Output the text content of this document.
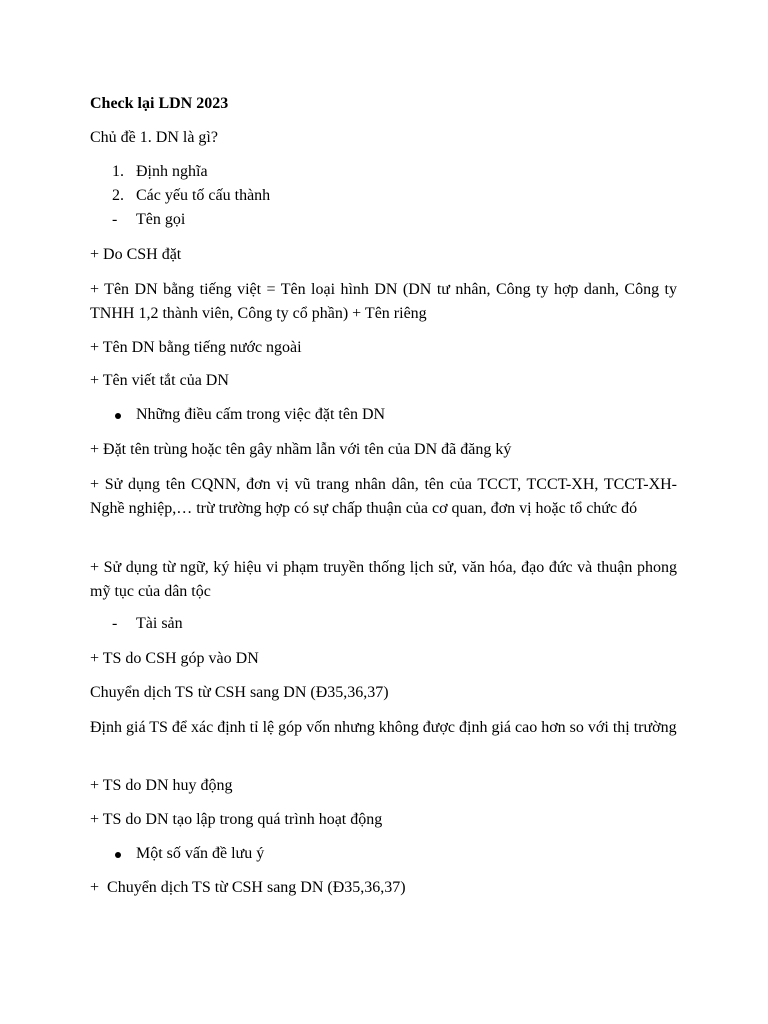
Check lại LDN 2023
Chủ đề 1. DN là gì?
1. Định nghĩa
2. Các yếu tố cấu thành
-	Tên gọi
+ Do CSH đặt
+ Tên DN bằng tiếng việt = Tên loại hình DN (DN tư nhân, Công ty hợp danh, Công ty TNHH 1,2 thành viên, Công ty cổ phần) + Tên riêng
+ Tên DN bằng tiếng nước ngoài
+ Tên viết tắt của DN
Những điều cấm trong việc đặt tên DN
+ Đặt tên trùng hoặc tên gây nhầm lẫn với tên của DN đã đăng ký
+ Sử dụng tên CQNN, đơn vị vũ trang nhân dân, tên của TCCT, TCCT-XH, TCCT-XH-Nghề nghiệp,… trừ trường hợp có sự chấp thuận của cơ quan, đơn vị hoặc tổ chức đó
+ Sử dụng từ ngữ, ký hiệu vi phạm truyền thống lịch sử, văn hóa, đạo đức và thuận phong mỹ tục của dân tộc
-	Tài sản
+ TS do CSH góp vào DN
Chuyển dịch TS từ CSH sang DN (Đ35,36,37)
Định giá TS để xác định tỉ lệ góp vốn nhưng không được định giá cao hơn so với thị trường
+ TS do DN huy động
+ TS do DN tạo lập trong quá trình hoạt động
Một số vấn đề lưu ý
+  Chuyển dịch TS từ CSH sang DN (Đ35,36,37)
